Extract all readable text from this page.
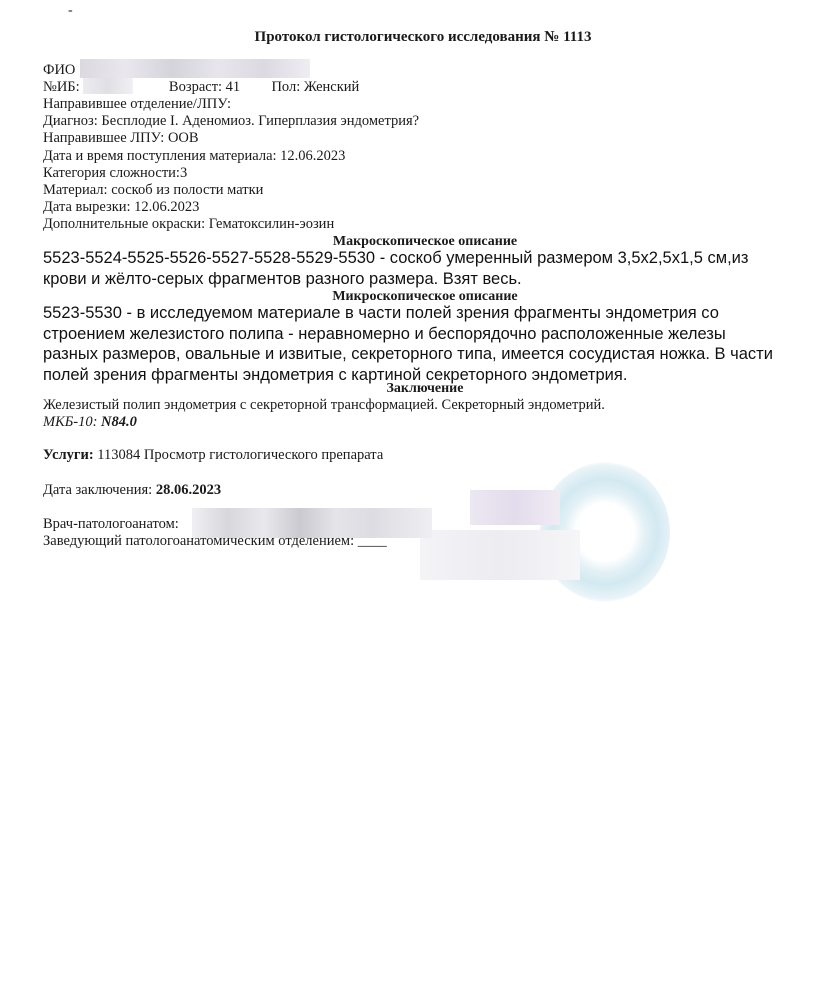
-
Протокол гистологического исследования № 1113
ФИО
№ИБ:	Возраст: 41 Пол: Женский
Направившее отделение/ЛПУ:
Диагноз: Бесплодие I. Аденомиоз. Гиперплазия эндометрия?
Направившее ЛПУ: ООВ
Дата и время поступления материала: 12.06.2023
Категория сложности:3
Материал: соскоб из полости матки
Дата вырезки: 12.06.2023
Дополнительные окраски: Гематоксилин-эозин
Макроскопическое описание
5523-5524-5525-5526-5527-5528-5529-5530 - соскоб умеренный размером 3,5х2,5х1,5 см,из
крови и жёлто-серых фрагментов разного размера. Взят весь.
Микроскопическое описание
5523-5530 - в исследуемом материале в части полей зрения фрагменты эндометрия со
строением железистого полипа - неравномерно и беспорядочно расположенные железы
разных размеров, овальные и извитые, секреторного типа, имеется сосудистая ножка. В части
полей зрения фрагменты эндометрия с картиной секреторного эндометрия.
Заключение
Железистый полип эндометрия с секреторной трансформацией. Секреторный эндометрий.
МКБ-10: N84.0
Услуги: 113084 Просмотр гистологического препарата
Дата заключения: 28.06.2023
Врач-патологоанатом:
Заведующий патологоанатомическим отделением: ____
